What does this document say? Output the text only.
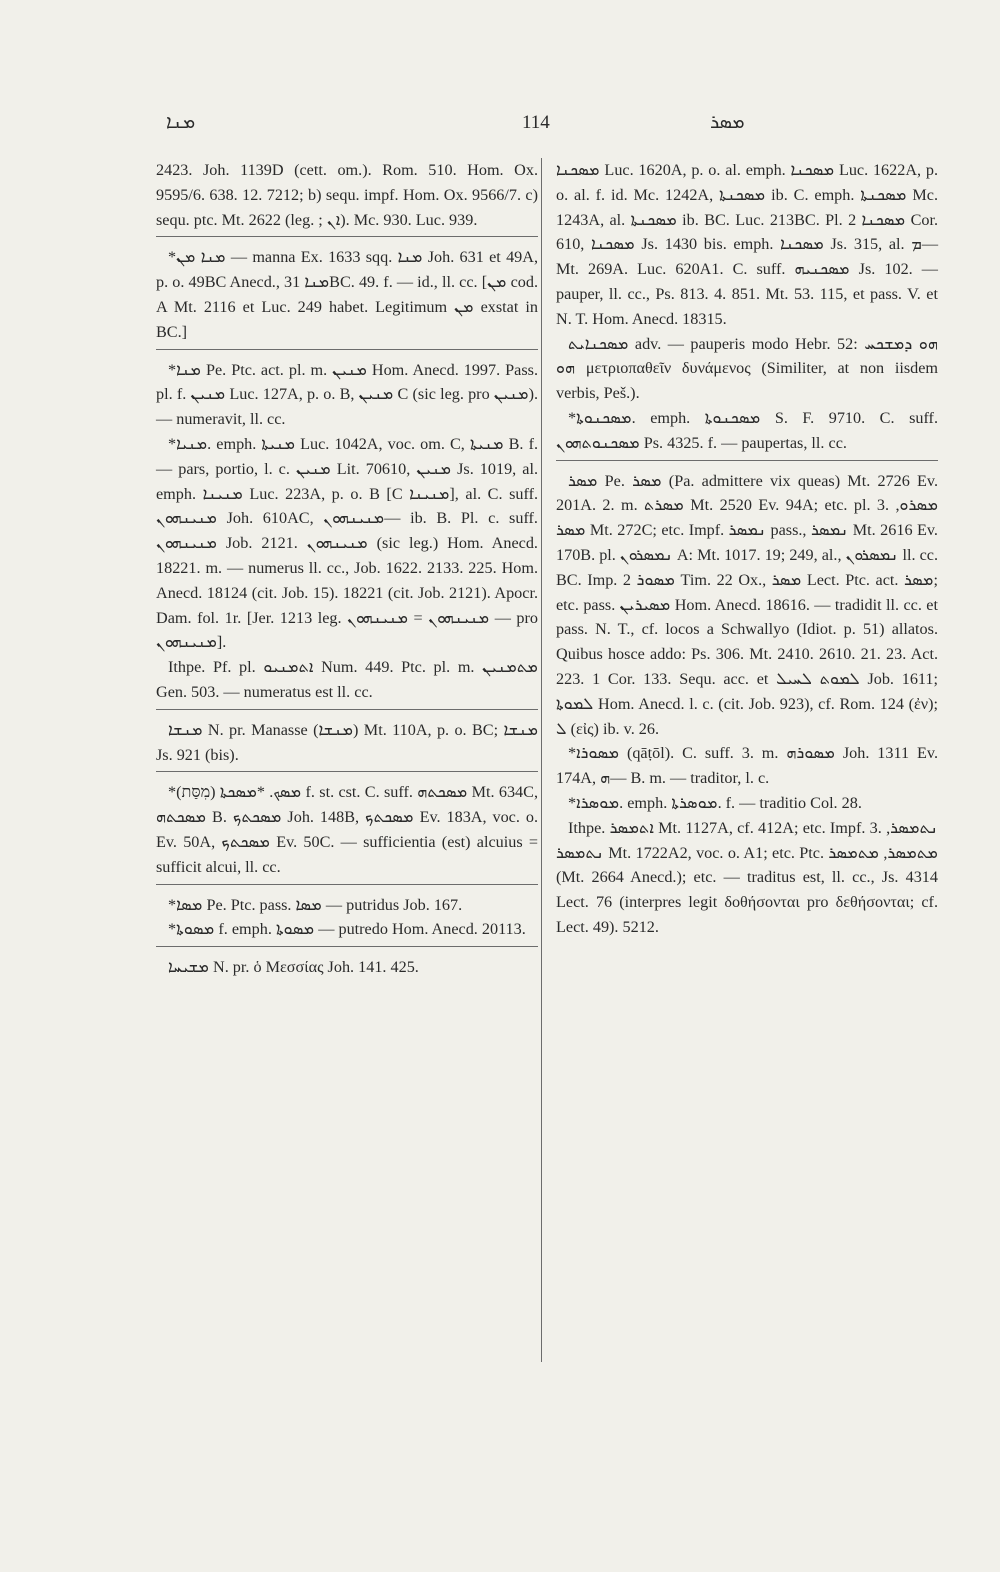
ܡܢܐ	114	ܡܣܪ

2423. Joh. 1139D (cett. om.). Rom. 510. Hom. Ox. 9595/6. 638. 12. 7212; b) sequ. impf. Hom. Ox. 9566/7. c) sequ. ptc. Mt. 2622 (leg. ; ܐܢ). Mc. 930. Luc. 939.

*ܡܢܐ ܡܢ — manna Ex. 1633 sqq. ܡܢܐ Joh. 631 et 49A, p. o. 49BC Anecd., ܡܢܐ 31BC. 49. f. — id., ll. cc. [ܡܢ cod. A Mt. 2116 et Luc. 249 habet. Legitimum ܡܢ exstat in BC.]

*ܡܢܐ Pe. Ptc. act. pl. m. ܡܢܝܢ Hom. Anecd. 1997. Pass. pl. f. ܡܢܝܢ Luc. 127A, p. o. B, ܡܢܝܢ C (sic leg. pro ܡܢܝܢ). — numeravit, ll. cc.

*ܡܢܝܐ. emph. ܡܢܝܬܐ Luc. 1042A, voc. om. C, ܡܢܝܬܐ B. f. — pars, portio, l. c. ܡܢܝܢ Lit. 70610, ܡܢܝܢ Js. 1019, al. emph. ܡܢܝܢܐ Luc. 223A, p. o. B [C ܡܢܝܢܐ], al. C. suff. ܡܢܝܢܗܘܢ Joh. 610AC, ܡܢܝܢܗܘܢ— ib. B. Pl. c. suff. ܡܢܝܢܗܘܢ Job. 2121. ܡܢܝܢܗܘܢ (sic leg.) Hom. Anecd. 18221. m. — numerus ll. cc., Job. 1622. 2133. 225. Hom. Anecd. 18124 (cit. Job. 15). 18221 (cit. Job. 2121). Apocr. Dam. fol. 1r. [Jer. 1213 leg. ܡܢܝܢܗܘܢ = ܡܢܝܢܗܘܢ — pro ܡܢܝܢܗܘܢ].

Ithpe. Pf. pl. ܐܬܡܢܝܘ Num. 449. Ptc. pl. m. ܡܬܡܢܝܢ Gen. 503. — numeratus est ll. cc.

ܡܢܫܐ N. pr. Manasse (ܡܢܫܐ) Mt. 110A, p. o. BC; ܡܢܫܐ Js. 921 (bis).

*ܡܣܟ. *ܡܣܟܬܐ (מִסַּת) f. st. cst. C. suff. ܡܣܟܬܗ Mt. 634C, ܡܣܟܬܗ B. ܡܣܟܬܟ Joh. 148B, ܡܣܟܬܟ Ev. 183A, voc. o. Ev. 50A, ܡܣܟܬܟ Ev. 50C. — sufficientia (est) alcuius = sufficit alcui, ll. cc.

*ܡܣܐ Pe. Ptc. pass. ܡܣܐ — putridus Job. 167.

*ܡܣܘܬܐ f. emph. ܡܣܘܬܐ — putredo Hom. Anecd. 20113.

ܡܫܝܚܐ N. pr. ὁ Μεσσίας Joh. 141. 425.

ܡܣܟܢܐ Luc. 1620A, p. o. al. emph. ܡܣܟܢܐ Luc. 1622A, p. o. al. f. id. Mc. 1242A, ܡܣܟܢܬܐ ib. C. emph. ܡܣܟܢܬܐ Mc. 1243A, al. ܡܣܟܢܬܐ ib. BC. Luc. 213BC. Pl. ܡܣܟܢܐ 2 Cor. 610, ܡܣܟܢܐ Js. 1430 bis. emph. ܡܣܟܢܐ Js. 315, al. ܡ— Mt. 269A. Luc. 620A1. C. suff. ܡܣܟܢܝܗ Js. 102. — pauper, ll. cc., Ps. 813. 4. 851. Mt. 53. 115, et pass. V. et N. T. Hom. Anecd. 18315.

ܡܣܟܢܐܝܬ adv. — pauperis modo Hebr. 52: ܗܘ ܕܡܫܟܚ ܗܘ μετριοπαθεῖν δυνάμενος (Similiter, at non iisdem verbis, Peš.).

*ܡܣܟܢܘܬܐ. emph. ܡܣܟܢܘܬܐ S. F. 9710. C. suff. ܡܣܟܢܘܬܗܘܢ Ps. 4325. f. — paupertas, ll. cc.

ܡܣܪ Pe. ܡܣܪ (Pa. admittere vix queas) Mt. 2726 Ev. 201A. 2. m. ܡܣܪܬ Mt. 2520 Ev. 94A; etc. pl. 3. ܡܣܪܘ, ܡܣܪ Mt. 272C; etc. Impf. ܢܡܣܪ pass., ܢܡܣܪ Mt. 2616 Ev. 170B. pl. ܢܡܣܪܘܢ A: Mt. 1017. 19; 249, al., ܢܡܣܪܘܢ ll. cc. BC. Imp. ܡܣܘܪ 2 Tim. 22 Ox., ܡܣܪ Lect. Ptc. act. ܡܣܪ; etc. pass. ܡܣܝܪܝܢ Hom. Anecd. 18616. — tradidit ll. cc. et pass. N. T., cf. locos a Schwallyo (Idiot. p. 51) allatos. Quibus hosce addo: Ps. 306. Mt. 2410. 2610. 21. 23. Act. 223. 1 Cor. 133. Sequ. acc. et ܠܡܘܬ ܠܚܝܠ Job. 1611; ܠܡܘܬܐ Hom. Anecd. l. c. (cit. Job. 923), cf. Rom. 124 (ἐν); ܠ (εἰς) ib. v. 26.

*ܡܣܘܪܐ (qāṭōl). C. suff. 3. m. ܡܣܘܪܗ Joh. 1311 Ev. 174A, ܗ— B. m. — traditor, l. c.

*ܡܘܣܪܐ. emph. ܡܘܣܪܬܐ. f. — traditio Col. 28.

Ithpe. ܐܬܡܣܪ Mt. 1127A, cf. 412A; etc. Impf. 3. ܢܬܡܣܪ, ܢܬܡܣܪ Mt. 1722A2, voc. o. A1; etc. Ptc. ܡܬܡܣܪ, ܡܬܡܣܪ (Mt. 2664 Anecd.); etc. — traditus est, ll. cc., Js. 4314 Lect. 76 (interpres legit δοθήσονται pro δεθήσονται; cf. Lect. 49). 5212.
